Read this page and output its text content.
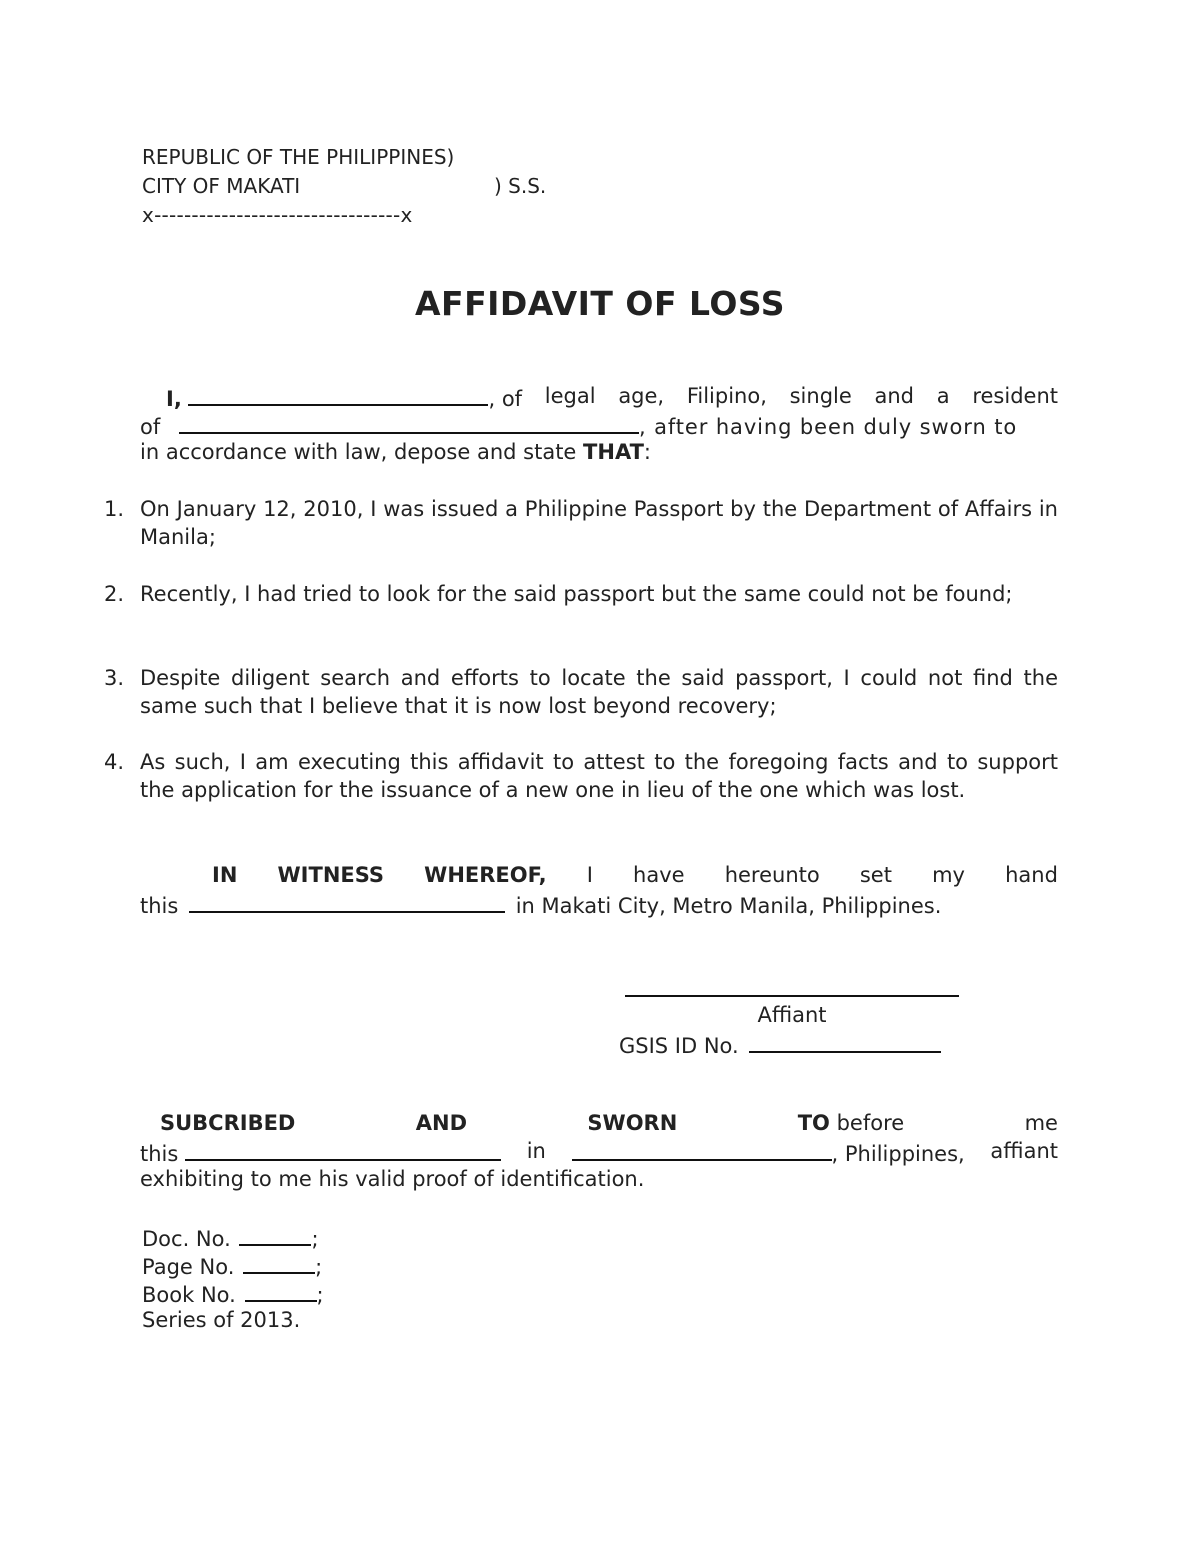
REPUBLIC OF THE PHILIPPINES)
CITY OF MAKATI	) S.S.
x---------------------------------x
AFFIDAVIT OF LOSS
I,	, of legal age, Filipino, single and a resident
of	, after having been duly sworn to
in accordance with law, depose and state THAT:
1. On January 12, 2010, I was issued a Philippine Passport by the Department of Affairs in Manila;
2. Recently, I had tried to look for the said passport but the same could not be found;
3. Despite diligent search and efforts to locate the said passport, I could not find the same such that I believe that it is now lost beyond recovery;
4. As such, I am executing this affidavit to attest to the foregoing facts and to support the application for the issuance of a new one in lieu of the one which was lost.
IN WITNESS WHEREOF, I have hereunto set my hand
this	in Makati City, Metro Manila, Philippines.
Affiant
GSIS ID No.
SUBCRIBED	AND	SWORN	TO before	me
this	in	, Philippines, affiant
exhibiting to me his valid proof of identification.
Doc. No.	;
Page No.	;
Book No.	;
Series of 2013.
